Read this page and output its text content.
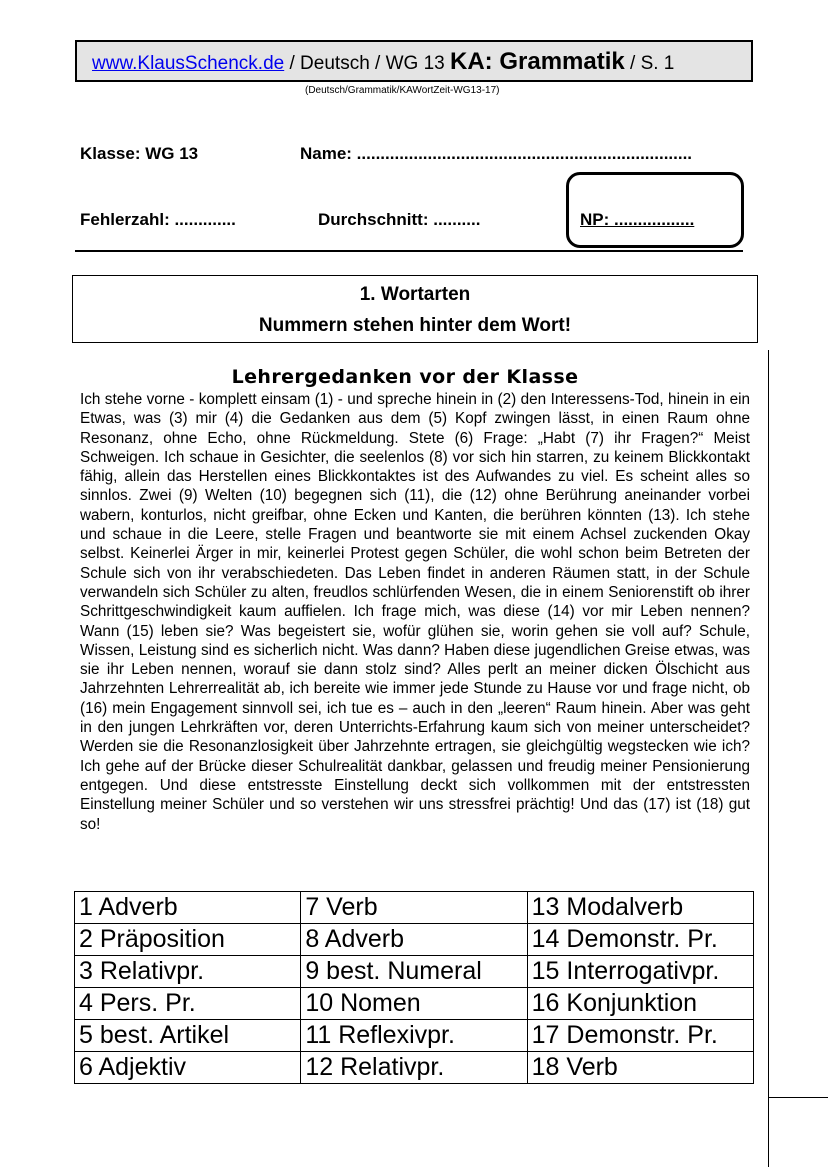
www.KlausSchenck.de / Deutsch / WG 13 KA: Grammatik / S. 1
(Deutsch/Grammatik/KAWortZeit-WG13-17)
Klasse: WG 13	Name: .......................................................................
Fehlerzahl: .............	Durchschnitt: ..........	NP: .................
1. Wortarten
Nummern stehen hinter dem Wort!
Lehrergedanken vor der Klasse
Ich stehe vorne - komplett einsam (1) - und spreche hinein in (2) den Interessens-Tod, hinein in ein Etwas, was (3) mir (4) die Gedanken aus dem (5) Kopf zwingen lässt, in einen Raum ohne Resonanz, ohne Echo, ohne Rückmeldung. Stete (6) Frage: „Habt (7) ihr Fragen?“ Meist Schweigen. Ich schaue in Gesichter, die seelenlos (8) vor sich hin starren, zu keinem Blickkontakt fähig, allein das Herstellen eines Blickkontaktes ist des Aufwandes zu viel. Es scheint alles so sinnlos. Zwei (9) Welten (10) begegnen sich (11), die (12) ohne Berührung aneinander vorbei wabern, konturlos, nicht greifbar, ohne Ecken und Kanten, die berühren könnten (13). Ich stehe und schaue in die Leere, stelle Fragen und beantworte sie mit einem Achsel zuckenden Okay selbst. Keinerlei Ärger in mir, keinerlei Protest gegen Schüler, die wohl schon beim Betreten der Schule sich von ihr verabschiedeten. Das Leben findet in anderen Räumen statt, in der Schule verwandeln sich Schüler zu alten, freudlos schlürfenden Wesen, die in einem Seniorenstift ob ihrer Schrittgeschwindigkeit kaum auffielen. Ich frage mich, was diese (14) vor mir Leben nennen? Wann (15) leben sie? Was begeistert sie, wofür glühen sie, worin gehen sie voll auf? Schule, Wissen, Leistung sind es sicherlich nicht. Was dann? Haben diese jugendlichen Greise etwas, was sie ihr Leben nennen, worauf sie dann stolz sind? Alles perlt an meiner dicken Ölschicht aus Jahrzehnten Lehrerrealität ab, ich bereite wie immer jede Stunde zu Hause vor und frage nicht, ob (16) mein Engagement sinnvoll sei, ich tue es – auch in den „leeren“ Raum hinein. Aber was geht in den jungen Lehrkräften vor, deren Unterrichts-Erfahrung kaum sich von meiner unterscheidet? Werden sie die Resonanzlosigkeit über Jahrzehnte ertragen, sie gleichgültig wegstecken wie ich? Ich gehe auf der Brücke dieser Schulrealität dankbar, gelassen und freudig meiner Pensionierung entgegen. Und diese entstresste Einstellung deckt sich vollkommen mit der entstressten Einstellung meiner Schüler und so verstehen wir uns stressfrei prächtig! Und das (17) ist (18) gut so!
1 Adverb	7 Verb	13 Modalverb
2 Präposition	8 Adverb	14 Demonstr. Pr.
3 Relativpr.	9 best. Numeral	15 Interrogativpr.
4 Pers. Pr.	10 Nomen	16 Konjunktion
5 best. Artikel	11 Reflexivpr.	17 Demonstr. Pr.
6 Adjektiv	12 Relativpr.	18 Verb
